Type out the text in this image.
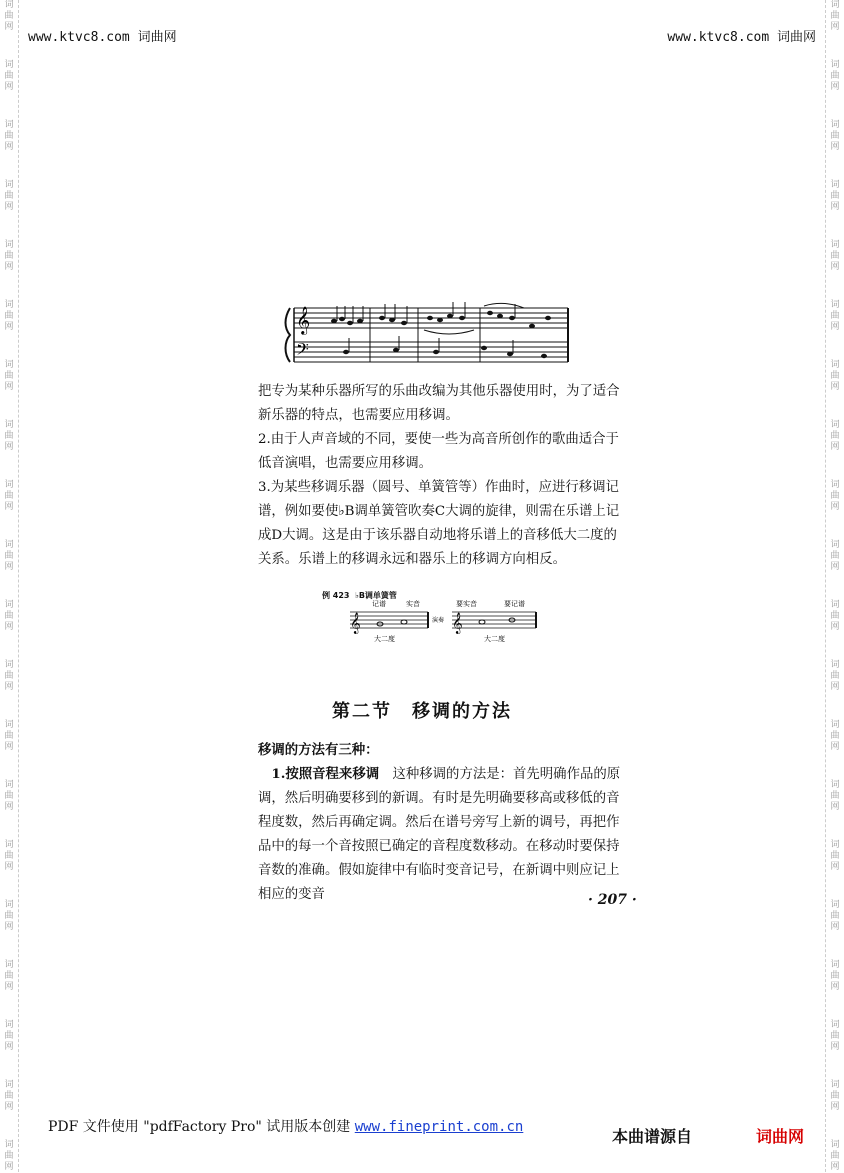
词
曲
网
词
曲
网
词
曲
网
词
曲
网
词
曲
网
词
曲
网
词
曲
网
词
曲
网
词
曲
网
词
曲
网
词
曲
网
词
曲
网
词
曲
网
词
曲
网
词
曲
网
词
曲
网
词
曲
网
词
曲
网
词
曲
网
词
曲
网
词
曲
网
词
曲
网
词
曲
网
词
曲
网
词
曲
网
词
曲
网
词
曲
网
词
曲
网
词
曲
网
词
曲
网
词
曲
网
词
曲
网
词
曲
网
词
曲
网
词
曲
网
词
曲
网
词
曲
网
词
曲
网
词
曲
网
词
曲
网
www.ktvc8.com 词曲网	www.ktvc8.com 词曲网
𝄞
𝄢
把专为某种乐器所写的乐曲改编为其他乐器使用时，为了适合新乐器的特点，也需要应用移调。
2.由于人声音域的不同，要使一些为高音所创作的歌曲适合于低音演唱，也需要应用移调。
3.为某些移调乐器（圆号、单簧管等）作曲时，应进行移调记谱，例如要使♭B调单簧管吹奏C大调的旋律，则需在乐谱上记成D大调。这是由于该乐器自动地将乐谱上的音移低大二度的关系。乐谱上的移调永远和器乐上的移调方向相反。
例 423 ♭B调单簧管
记谱	实音	要实音	要记谱
𝄞	𝄞
演奏
大二度	大二度
第二节　移调的方法
移调的方法有三种：
　1.按照音程来移调　 这种移调的方法是：首先明确作品的原调，然后明确要移到的新调。有时是先明确要移高或移低的音程度数，然后再确定调。然后在谱号旁写上新的调号，再把作品中的每一个音按照已确定的音程度数移动。在移动时要保持音数的准确。假如旋律中有临时变音记号，在新调中则应记上相应的变音	· 207 ·
PDF 文件使用 "pdfFactory Pro" 试用版本创建 www.fineprint.com.cn	本曲谱源自	词曲网
